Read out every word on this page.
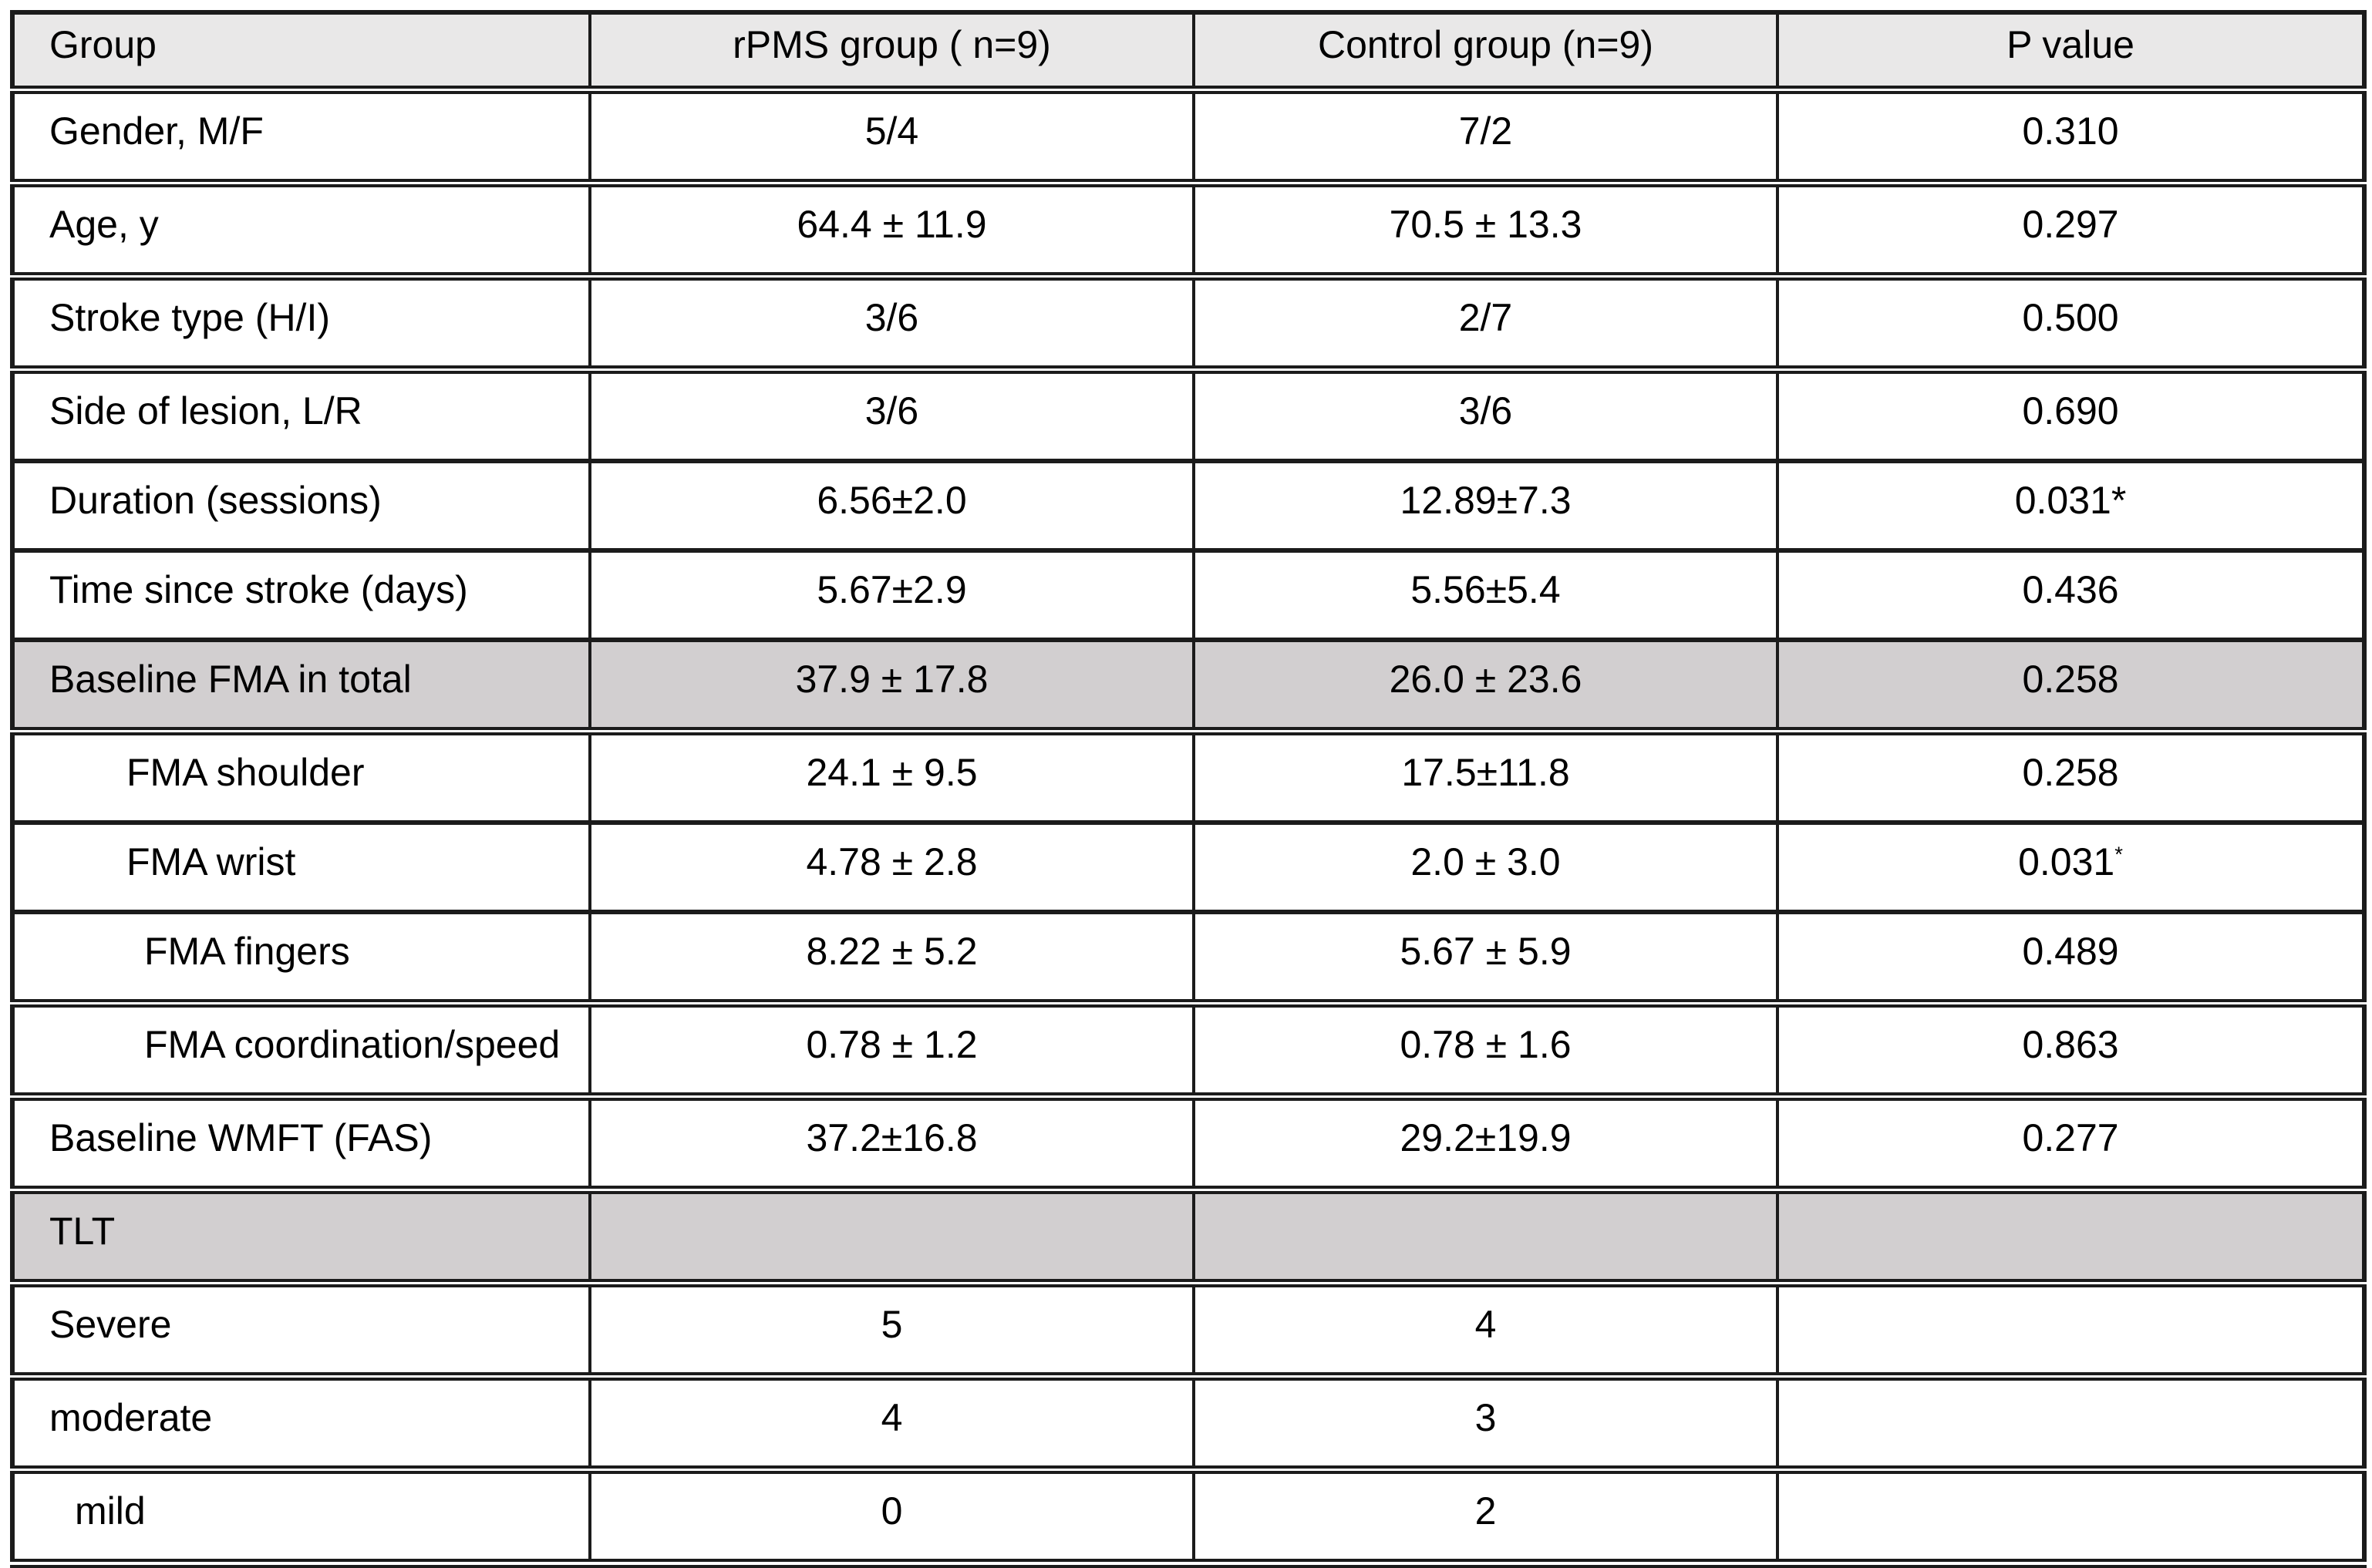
Group	rPMS group ( n=9)	Control group (n=9)	P value
Gender, M/F	5/4	7/2	0.310
Age, y	64.4 ± 11.9	70.5 ± 13.3	0.297
Stroke type (H/I)	3/6	2/7	0.500
Side of lesion, L/R	3/6	3/6	0.690
Duration (sessions)	6.56±2.0	12.89±7.3	0.031*
Time since stroke (days)	5.67±2.9	5.56±5.4	0.436
Baseline FMA in total	37.9 ± 17.8	26.0 ± 23.6	0.258
FMA shoulder	24.1 ± 9.5	17.5±11.8	0.258
FMA wrist	4.78 ± 2.8	2.0 ± 3.0	0.031*
FMA fingers	8.22 ± 5.2	5.67 ± 5.9	0.489
FMA coordination/speed	0.78 ± 1.2	0.78 ± 1.6	0.863
Baseline WMFT (FAS)	37.2±16.8	29.2±19.9	0.277
TLT			
Severe	5	4	
moderate	4	3	
mild	0	2	
